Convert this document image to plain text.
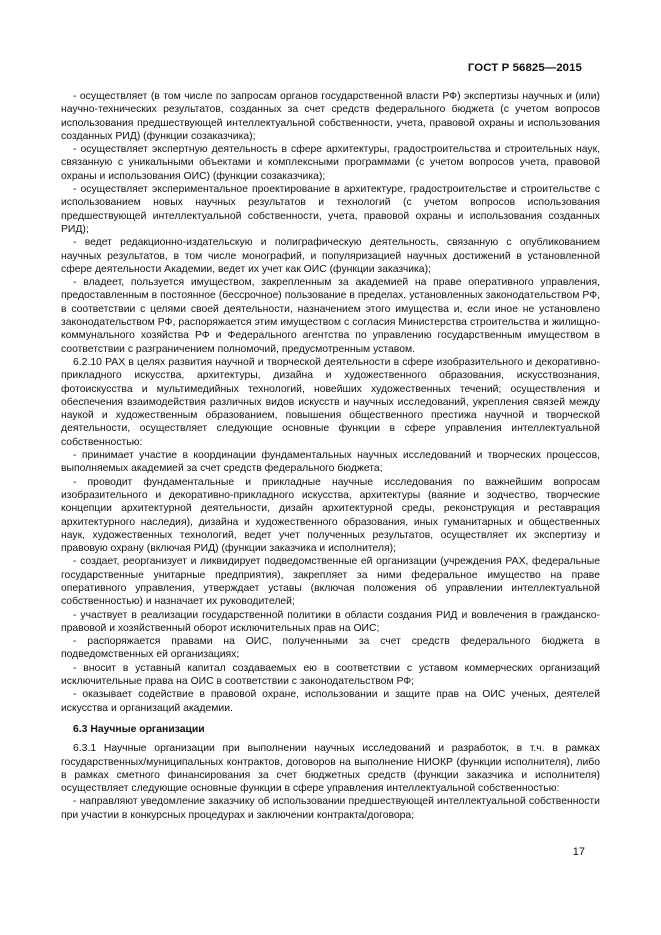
ГОСТ Р 56825—2015

- осуществляет (в том числе по запросам органов государственной власти РФ) экспертизы научных и (или) научно-технических результатов, созданных за счет средств федерального бюджета (с учетом вопросов использования предшествующей интеллектуальной собственности, учета, правовой охраны и использования созданных РИД) (функции созаказчика);

- осуществляет экспертную деятельность в сфере архитектуры, градостроительства и строительных наук, связанную с уникальными объектами и комплексными программами (с учетом вопросов учета, правовой охраны и использования ОИС) (функции созаказчика);

- осуществляет экспериментальное проектирование в архитектуре, градостроительстве и строительстве с использованием новых научных результатов и технологий (с учетом вопросов использования предшествующей интеллектуальной собственности, учета, правовой охраны и использования созданных РИД);

- ведет редакционно-издательскую и полиграфическую деятельность, связанную с опубликованием научных результатов, в том числе монографий, и популяризацией научных достижений в установленной сфере деятельности Академии, ведет их учет как ОИС (функции заказчика);

- владеет, пользуется имуществом, закрепленным за академией на праве оперативного управления, предоставленным в постоянное (бессрочное) пользование в пределах, установленных законодательством РФ, в соответствии с целями своей деятельности, назначением этого имущества и, если иное не установлено законодательством РФ, распоряжается этим имуществом с согласия Министерства строительства и жилищно-коммунального хозяйства РФ и Федерального агентства по управлению государственным имуществом в соответствии с разграничением полномочий, предусмотренным уставом.

6.2.10 РАХ в целях развития научной и творческой деятельности в сфере изобразительного и декоративно-прикладного искусства, архитектуры, дизайна и художественного образования, искусствознания, фотоискусства и мультимедийных технологий, новейших художественных течений; осуществления и обеспечения взаимодействия различных видов искусств и научных исследований, укрепления связей между наукой и художественным образованием, повышения общественного престижа научной и творческой деятельности, осуществляет следующие основные функции в сфере управления интеллектуальной собственностью:

- принимает участие в координации фундаментальных научных исследований и творческих процессов, выполняемых академией за счет средств федерального бюджета;

- проводит фундаментальные и прикладные научные исследования по важнейшим вопросам изобразительного и декоративно-прикладного искусства, архитектуры (ваяние и зодчество, творческие концепции архитектурной деятельности, дизайн архитектурной среды, реконструкция и реставрация архитектурного наследия), дизайна и художественного образования, иных гуманитарных и общественных наук, художественных технологий, ведет учет полученных результатов, осуществляет их экспертизу и правовую охрану (включая РИД) (функции заказчика и исполнителя);

- создает, реорганизует и ликвидирует подведомственные ей организации (учреждения РАХ, федеральные государственные унитарные предприятия), закрепляет за ними федеральное имущество на праве оперативного управления, утверждает уставы (включая положения об управлении интеллектуальной собственностью) и назначает их руководителей;

- участвует в реализации государственной политики в области создания РИД и вовлечения в гражданско-правовой и хозяйственный оборот исключительных прав на ОИС;

- распоряжается правами на ОИС, полученными за счет средств федерального бюджета в подведомственных ей организациях;

- вносит в уставный капитал создаваемых ею в соответствии с уставом коммерческих организаций исключительные права на ОИС в соответствии с законодательством РФ;

- оказывает содействие в правовой охране, использовании и защите прав на ОИС ученых, деятелей искусства и организаций академии.

6.3 Научные организации

6.3.1 Научные организации при выполнении научных исследований и разработок, в т.ч. в рамках государственных/муниципальных контрактов, договоров на выполнение НИОКР (функции исполнителя), либо в рамках сметного финансирования за счет бюджетных средств (функции заказчика и исполнителя) осуществляет следующие основные функции в сфере управления интеллектуальной собственностью:

- направляют уведомление заказчику об использовании предшествующей интеллектуальной собственности при участии в конкурсных процедурах и заключении контракта/договора;

17
